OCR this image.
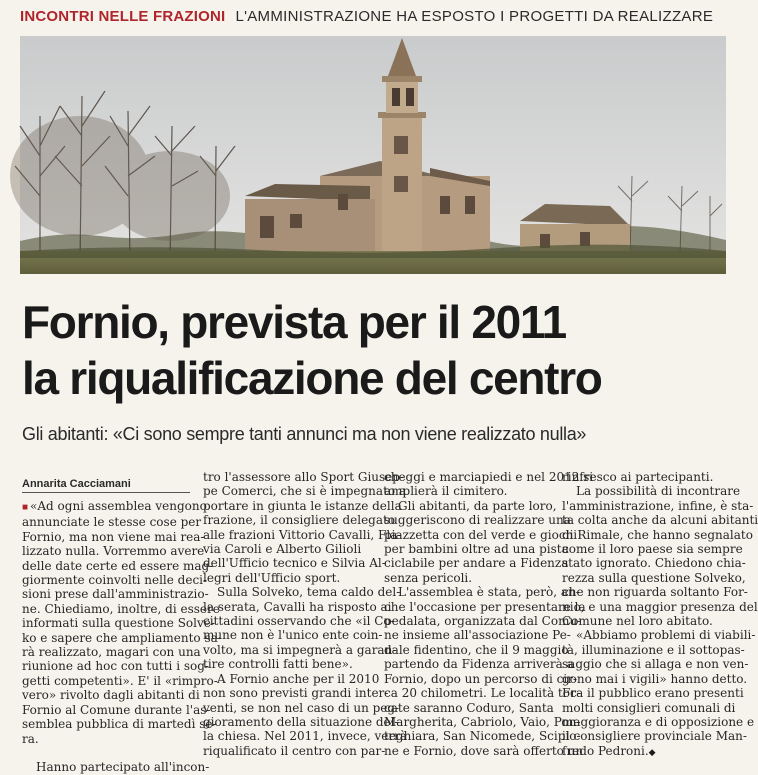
INCONTRI NELLE FRAZIONI L'AMMINISTRAZIONE HA ESPOSTO I PROGETTI DA REALIZZARE
Fornio, prevista per il 2011
la riqualificazione del centro
Gli abitanti: «Ci sono sempre tanti annunci ma non viene realizzato nulla»
Annarita Cacciamani
■ «Ad ogni assemblea vengono
annunciate le stesse cose per
Fornio, ma non viene mai rea-
lizzato nulla. Vorremmo avere
delle date certe ed essere mag-
giormente coinvolti nelle deci-
sioni prese dall'amministrazio-
ne. Chiediamo, inoltre, di essere
informati sulla questione Solve-
ko e sapere che ampliamento sa-
rà realizzato, magari con una
riunione ad hoc con tutti i sog-
getti competenti». E' il «rimpro-
vero» rivolto dagli abitanti di
Fornio al Comune durante l'as-
semblea pubblica di martedì se-
ra.

Hanno partecipato all'incon-
tro l'assessore allo Sport Giusep-
pe Comerci, che si è impegnato a
portare in giunta le istanze della
frazione, il consigliere delegato
alle frazioni Vittorio Cavalli, Fla-
via Caroli e Alberto Gilioli
dell'Ufficio tecnico e Silvia Al-
legri dell'Ufficio sport.
Sulla Solveko, tema caldo del-
la serata, Cavalli ha risposto ai
cittadini osservando che «il Co-
mune non è l'unico ente coin-
volto, ma si impegnerà a garan-
tire controlli fatti bene».
A Fornio anche per il 2010
non sono previsti grandi inter-
venti, se non nel caso di un peg-
gioramento della situazione del-
la chiesa. Nel 2011, invece, verrà
riqualificato il centro con par-
cheggi e marciapiedi e nel 2012 si
amplierà il cimitero.
Gli abitanti, da parte loro,
suggeriscono di realizzare una
piazzetta con del verde e giochi
per bambini oltre ad una pista
ciclabile per andare a Fidenza
senza pericoli.
L'assemblea è stata, però, an-
che l'occasione per presentare la
pedalata, organizzata dal Comu-
ne insieme all'associazione Pe-
dale fidentino, che il 9 maggio
partendo da Fidenza arriverà a
Fornio, dopo un percorso di cir-
ca 20 chilometri. Le località toc-
cate saranno Coduro, Santa
Margherita, Cabriolo, Vaio, Pon-
teghiara, San Nicomede, Scipio-
ne e Fornio, dove sarà offerto un
rinfresco ai partecipanti.
La possibilità di incontrare
l'amministrazione, infine, è sta-
ta colta anche da alcuni abitanti
di Rimale, che hanno segnalato
come il loro paese sia sempre
stato ignorato. Chiedono chia-
rezza sulla questione Solveko,
che non riguarda soltanto For-
nio, e una maggior presenza del
Comune nel loro abitato.
«Abbiamo problemi di viabili-
tà, illuminazione e il sottopas-
saggio che si allaga e non ven-
gono mai i vigili» hanno detto.
Fra il pubblico erano presenti
molti consiglieri comunali di
maggioranza e di opposizione e
il consigliere provinciale Man-
fredo Pedroni.◆
